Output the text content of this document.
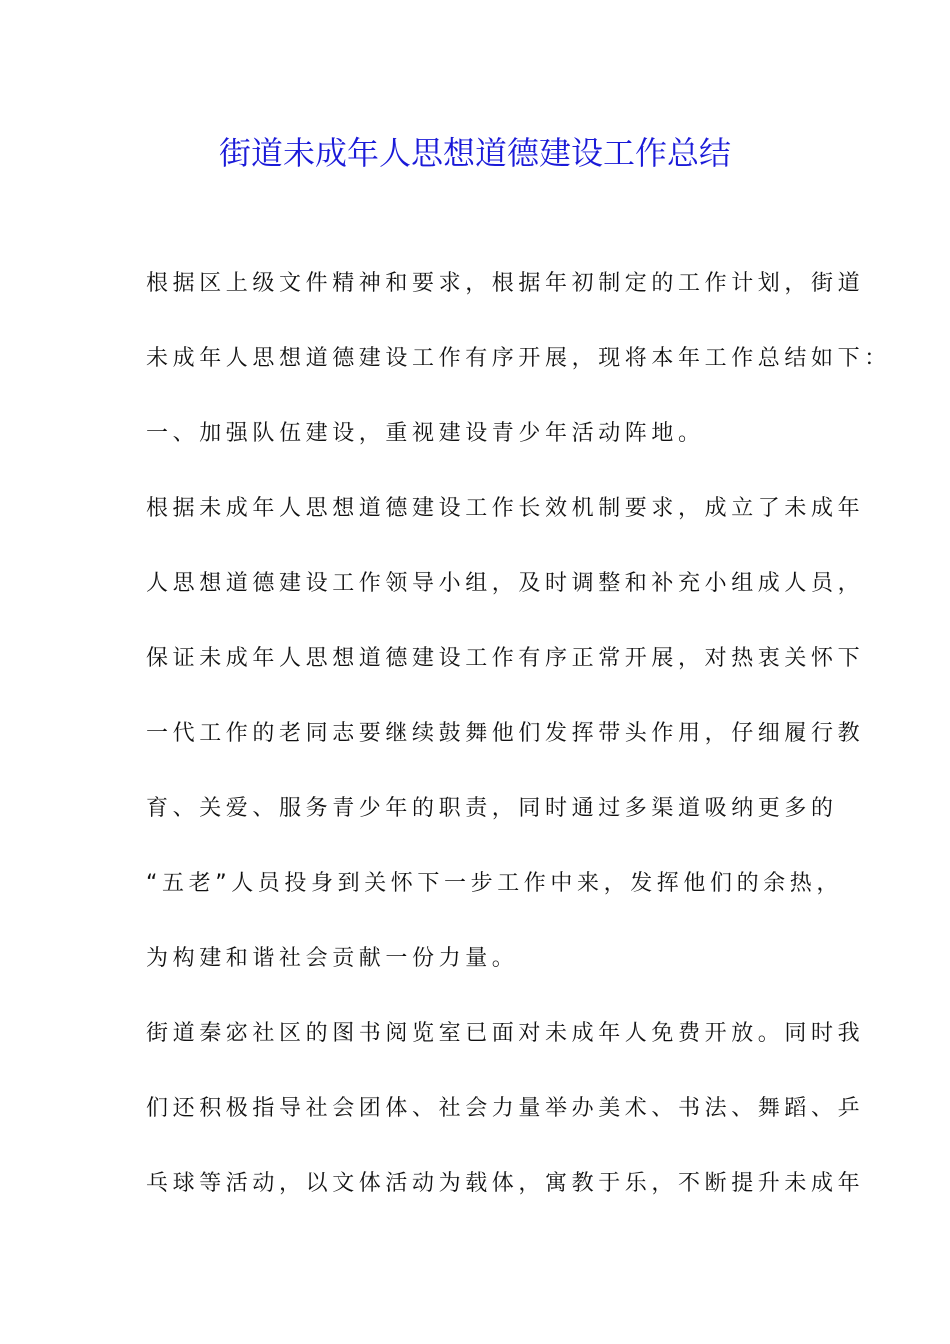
街道未成年人思想道德建设工作总结
根据区上级文件精神和要求，根据年初制定的工作计划，街道
未成年人思想道德建设工作有序开展，现将本年工作总结如下：
一、加强队伍建设，重视建设青少年活动阵地。
根据未成年人思想道德建设工作长效机制要求，成立了未成年
人思想道德建设工作领导小组，及时调整和补充小组成人员，
保证未成年人思想道德建设工作有序正常开展，对热衷关怀下
一代工作的老同志要继续鼓舞他们发挥带头作用，仔细履行教
育、关爱、服务青少年的职责，同时通过多渠道吸纳更多的
“五老”人员投身到关怀下一步工作中来，发挥他们的余热，
为构建和谐社会贡献一份力量。
街道秦宓社区的图书阅览室已面对未成年人免费开放。同时我
们还积极指导社会团体、社会力量举办美术、书法、舞蹈、乒
乓球等活动，以文体活动为载体，寓教于乐，不断提升未成年
